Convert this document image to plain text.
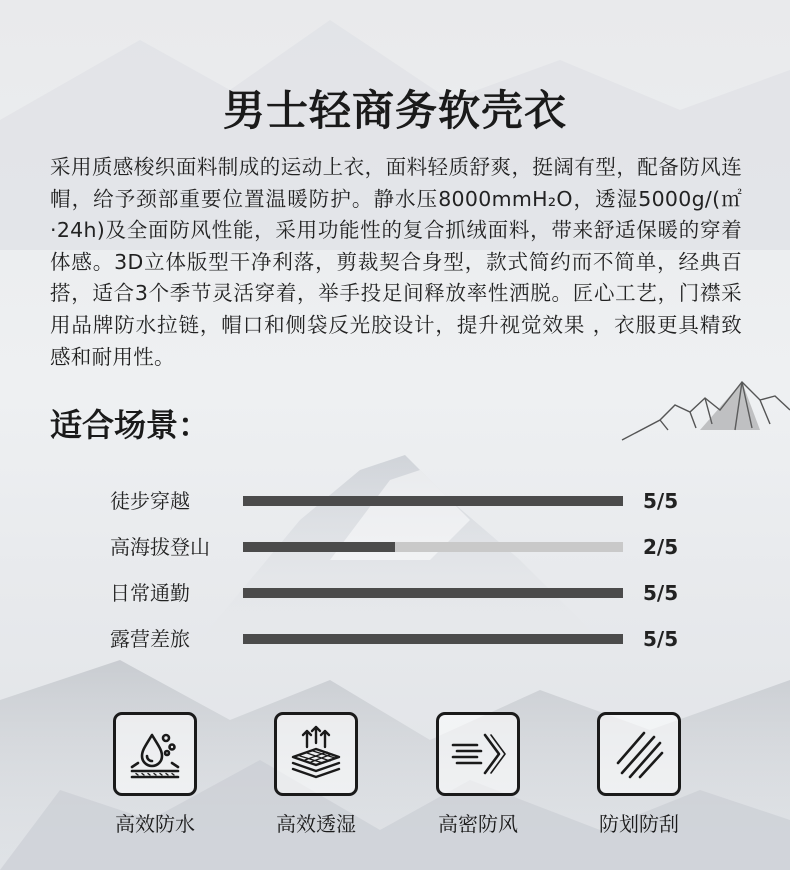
男士轻商务软壳衣

采用质感梭织面料制成的运动上衣，面料轻质舒爽，挺阔有型，配备防风连帽，给予颈部重要位置温暖防护。静水压8000mmH₂O，透湿5000g/(㎡·24h)及全面防风性能，采用功能性的复合抓绒面料，带来舒适保暖的穿着体感。3D立体版型干净利落，剪裁契合身型，款式简约而不简单，经典百搭，适合3个季节灵活穿着，举手投足间释放率性洒脱。匠心工艺，门襟采用品牌防水拉链，帽口和侧袋反光胶设计，提升视觉效果 ，衣服更具精致感和耐用性。

适合场景：
徒步穿越	5/5
高海拔登山	2/5
日常通勤	5/5
露营差旅	5/5
高效防水	高效透湿	高密防风	防划防刮
